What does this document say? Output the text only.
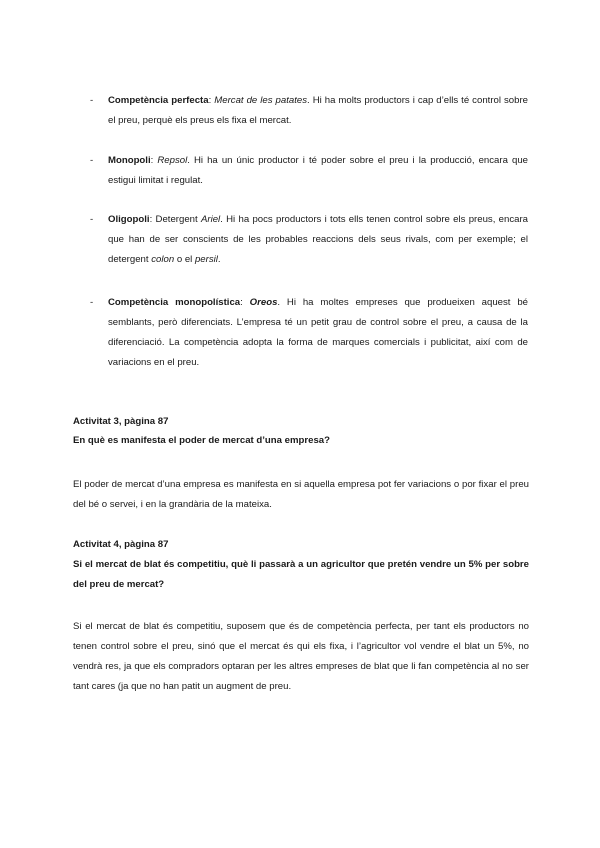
- Competència perfecta: Mercat de les patates. Hi ha molts productors i cap d’ells té control sobre el preu, perquè els preus els fixa el mercat.
- Monopoli: Repsol. Hi ha un únic productor i té poder sobre el preu i la producció, encara que estigui limitat i regulat.
- Oligopoli: Detergent Ariel. Hi ha pocs productors i tots ells tenen control sobre els preus, encara que han de ser conscients de les probables reaccions dels seus rivals, com per exemple; el detergent colon o el persil.
- Competència monopolística: Oreos. Hi ha moltes empreses que produeixen aquest bé semblants, però diferenciats. L’empresa té un petit grau de control sobre el preu, a causa de la diferenciació. La competència adopta la forma de marques comercials i publicitat, així com de variacions en el preu.
Activitat 3, pàgina 87
En què es manifesta el poder de mercat d’una empresa?
El poder de mercat d’una empresa es manifesta en si aquella empresa pot fer variacions o por fixar el preu del bé o servei, i en la grandària de la mateixa.
Activitat 4, pàgina 87
Si el mercat de blat és competitiu, què li passarà a un agricultor que pretén vendre un 5% per sobre del preu de mercat?
Si el mercat de blat és competitiu, suposem que és de competència perfecta, per tant els productors no tenen control sobre el preu, sinó que el mercat és qui els fixa, i l’agricultor vol vendre el blat un 5%, no vendrà res, ja que els compradors optaran per les altres empreses de blat que li fan competència al no ser tant cares (ja que no han patit un augment de preu.
